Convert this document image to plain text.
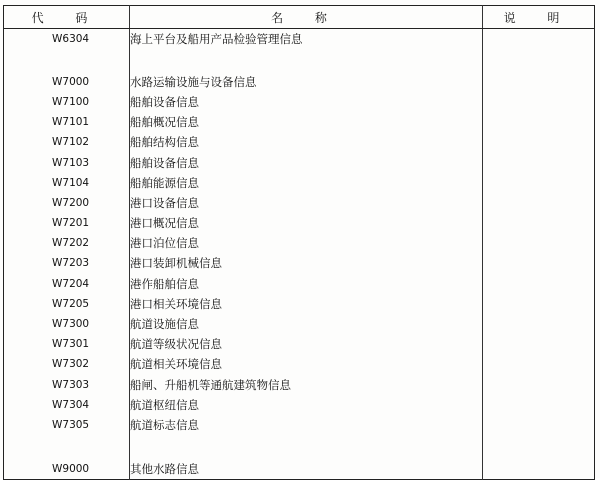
代 码	名 称	说 明
W6304	海上平台及船用产品检验管理信息	

W7000	水路运输设施与设备信息	
W7100	船舶设备信息	
W7101	船舶概况信息	
W7102	船舶结构信息	
W7103	船舶设备信息	
W7104	船舶能源信息	
W7200	港口设备信息	
W7201	港口概况信息	
W7202	港口泊位信息	
W7203	港口装卸机械信息	
W7204	港作船舶信息	
W7205	港口相关环境信息	
W7300	航道设施信息	
W7301	航道等级状况信息	
W7302	航道相关环境信息	
W7303	船闸、升船机等通航建筑物信息	
W7304	航道枢纽信息	
W7305	航道标志信息	

W9000	其他水路信息	
